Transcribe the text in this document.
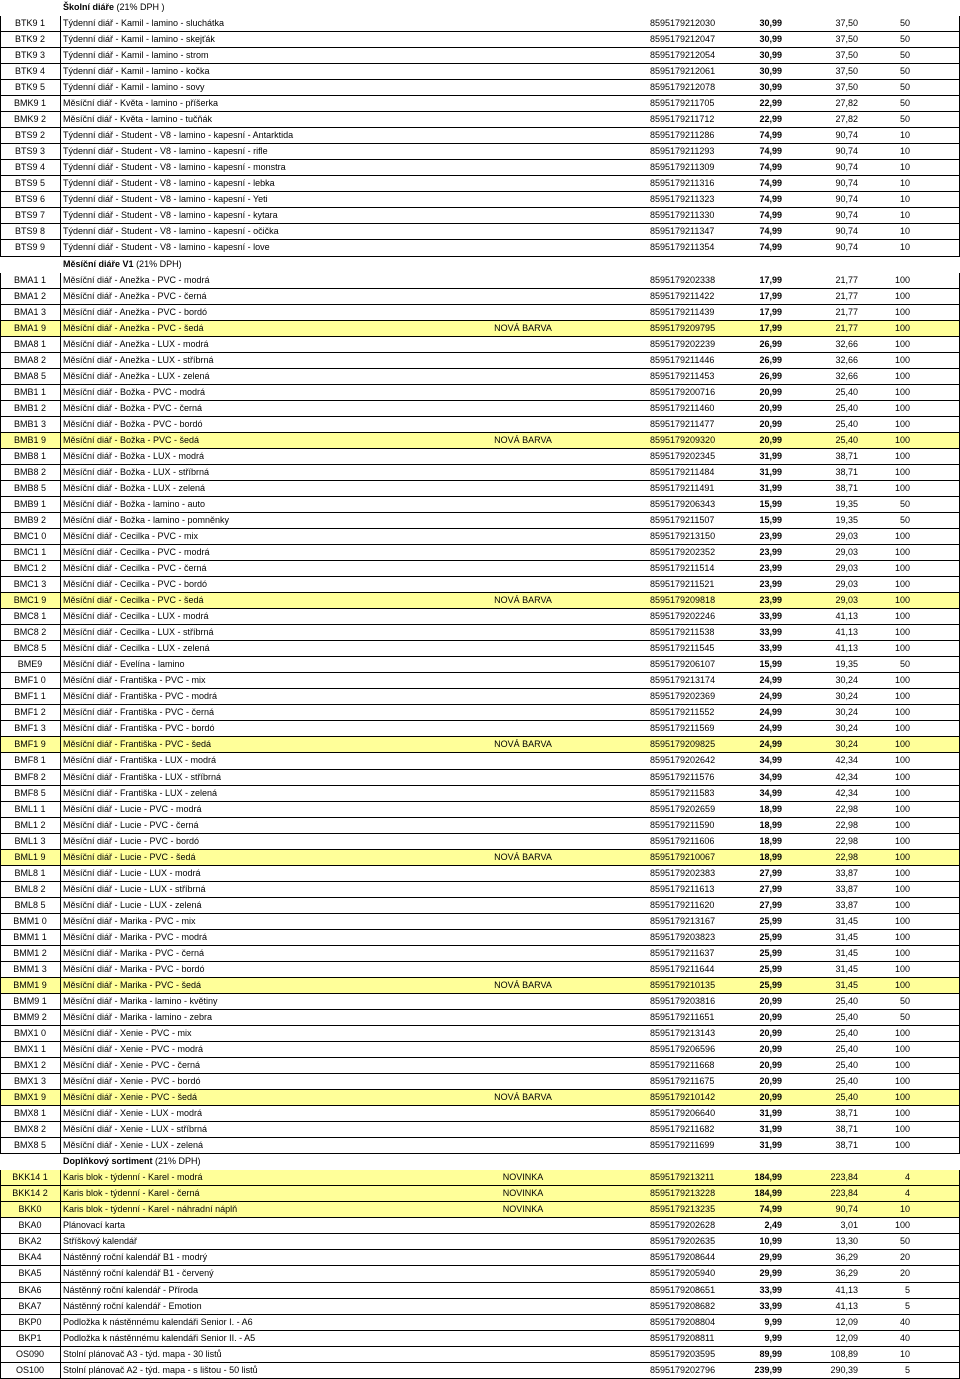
Školní diáře (21% DPH )
BTK9 1	Týdenní diář - Kamil - lamino - sluchátka	8595179212030	30,99	37,50	50
BTK9 2	Týdenní diář - Kamil - lamino - skejťák	8595179212047	30,99	37,50	50
BTK9 3	Týdenní diář - Kamil - lamino - strom	8595179212054	30,99	37,50	50
BTK9 4	Týdenní diář - Kamil - lamino - kočka	8595179212061	30,99	37,50	50
BTK9 5	Týdenní diář - Kamil - lamino - sovy	8595179212078	30,99	37,50	50
BMK9 1	Měsíční diář - Květa - lamino - příšerka	8595179211705	22,99	27,82	50
BMK9 2	Měsíční diář - Květa - lamino - tučňák	8595179211712	22,99	27,82	50
BTS9 2	Týdenní diář - Student - V8 - lamino - kapesní - Antarktida	8595179211286	74,99	90,74	10
BTS9 3	Týdenní diář - Student - V8 - lamino - kapesní - rifle	8595179211293	74,99	90,74	10
BTS9 4	Týdenní diář - Student - V8 - lamino - kapesní - monstra	8595179211309	74,99	90,74	10
BTS9 5	Týdenní diář - Student - V8 - lamino - kapesní - lebka	8595179211316	74,99	90,74	10
BTS9 6	Týdenní diář - Student - V8 - lamino - kapesní - Yeti	8595179211323	74,99	90,74	10
BTS9 7	Týdenní diář - Student - V8 - lamino - kapesní - kytara	8595179211330	74,99	90,74	10
BTS9 8	Týdenní diář - Student - V8 - lamino - kapesní - očička	8595179211347	74,99	90,74	10
BTS9 9	Týdenní diář - Student - V8 - lamino - kapesní - love	8595179211354	74,99	90,74	10
Měsíční diáře V1 (21% DPH)
BMA1 1	Měsíční diář - Anežka - PVC - modrá	8595179202338	17,99	21,77	100
BMA1 2	Měsíční diář - Anežka - PVC - černá	8595179211422	17,99	21,77	100
BMA1 3	Měsíční diář - Anežka - PVC - bordó	8595179211439	17,99	21,77	100
BMA1 9	Měsíční diář - Anežka - PVC - šedá	NOVÁ BARVA	8595179209795	17,99	21,77	100
BMA8 1	Měsíční diář - Anežka - LUX - modrá	8595179202239	26,99	32,66	100
BMA8 2	Měsíční diář - Anežka - LUX - stříbrná	8595179211446	26,99	32,66	100
BMA8 5	Měsíční diář - Anežka - LUX - zelená	8595179211453	26,99	32,66	100
BMB1 1	Měsíční diář - Božka - PVC - modrá	8595179200716	20,99	25,40	100
BMB1 2	Měsíční diář - Božka - PVC - černá	8595179211460	20,99	25,40	100
BMB1 3	Měsíční diář - Božka - PVC - bordó	8595179211477	20,99	25,40	100
BMB1 9	Měsíční diář - Božka - PVC - šedá	NOVÁ BARVA	8595179209320	20,99	25,40	100
BMB8 1	Měsíční diář - Božka - LUX - modrá	8595179202345	31,99	38,71	100
BMB8 2	Měsíční diář - Božka - LUX - stříbrná	8595179211484	31,99	38,71	100
BMB8 5	Měsíční diář - Božka - LUX - zelená	8595179211491	31,99	38,71	100
BMB9 1	Měsíční diář - Božka - lamino - auto	8595179206343	15,99	19,35	50
BMB9 2	Měsíční diář - Božka - lamino - pomněnky	8595179211507	15,99	19,35	50
BMC1 0	Měsíční diář - Cecilka - PVC - mix	8595179213150	23,99	29,03	100
BMC1 1	Měsíční diář - Cecilka - PVC - modrá	8595179202352	23,99	29,03	100
BMC1 2	Měsíční diář - Cecilka - PVC - černá	8595179211514	23,99	29,03	100
BMC1 3	Měsíční diář - Cecilka - PVC - bordó	8595179211521	23,99	29,03	100
BMC1 9	Měsíční diář - Cecilka - PVC - šedá	NOVÁ BARVA	8595179209818	23,99	29,03	100
BMC8 1	Měsíční diář - Cecilka - LUX - modrá	8595179202246	33,99	41,13	100
BMC8 2	Měsíční diář - Cecilka - LUX - stříbrná	8595179211538	33,99	41,13	100
BMC8 5	Měsíční diář - Cecilka - LUX - zelená	8595179211545	33,99	41,13	100
BME9	Měsíční diář - Evelína - lamino	8595179206107	15,99	19,35	50
BMF1 0	Měsíční diář - Františka - PVC - mix	8595179213174	24,99	30,24	100
BMF1 1	Měsíční diář - Františka - PVC - modrá	8595179202369	24,99	30,24	100
BMF1 2	Měsíční diář - Františka - PVC - černá	8595179211552	24,99	30,24	100
BMF1 3	Měsíční diář - Františka - PVC - bordó	8595179211569	24,99	30,24	100
BMF1 9	Měsíční diář - Františka - PVC - šedá	NOVÁ BARVA	8595179209825	24,99	30,24	100
BMF8 1	Měsíční diář - Františka - LUX - modrá	8595179202642	34,99	42,34	100
BMF8 2	Měsíční diář - Františka - LUX - stříbrná	8595179211576	34,99	42,34	100
BMF8 5	Měsíční diář - Františka - LUX - zelená	8595179211583	34,99	42,34	100
BML1 1	Měsíční diář - Lucie - PVC - modrá	8595179202659	18,99	22,98	100
BML1 2	Měsíční diář - Lucie - PVC - černá	8595179211590	18,99	22,98	100
BML1 3	Měsíční diář - Lucie - PVC - bordó	8595179211606	18,99	22,98	100
BML1 9	Měsíční diář - Lucie - PVC - šedá	NOVÁ BARVA	8595179210067	18,99	22,98	100
BML8 1	Měsíční diář - Lucie - LUX - modrá	8595179202383	27,99	33,87	100
BML8 2	Měsíční diář - Lucie - LUX - stříbrná	8595179211613	27,99	33,87	100
BML8 5	Měsíční diář - Lucie - LUX - zelená	8595179211620	27,99	33,87	100
BMM1 0	Měsíční diář - Marika - PVC - mix	8595179213167	25,99	31,45	100
BMM1 1	Měsíční diář - Marika - PVC - modrá	8595179203823	25,99	31,45	100
BMM1 2	Měsíční diář - Marika - PVC - černá	8595179211637	25,99	31,45	100
BMM1 3	Měsíční diář - Marika - PVC - bordó	8595179211644	25,99	31,45	100
BMM1 9	Měsíční diář - Marika - PVC - šedá	NOVÁ BARVA	8595179210135	25,99	31,45	100
BMM9 1	Měsíční diář - Marika - lamino - květiny	8595179203816	20,99	25,40	50
BMM9 2	Měsíční diář - Marika - lamino - zebra	8595179211651	20,99	25,40	50
BMX1 0	Měsíční diář - Xenie - PVC - mix	8595179213143	20,99	25,40	100
BMX1 1	Měsíční diář - Xenie - PVC - modrá	8595179206596	20,99	25,40	100
BMX1 2	Měsíční diář - Xenie - PVC - černá	8595179211668	20,99	25,40	100
BMX1 3	Měsíční diář - Xenie - PVC - bordó	8595179211675	20,99	25,40	100
BMX1 9	Měsíční diář - Xenie - PVC - šedá	NOVÁ BARVA	8595179210142	20,99	25,40	100
BMX8 1	Měsíční diář - Xenie - LUX - modrá	8595179206640	31,99	38,71	100
BMX8 2	Měsíční diář - Xenie - LUX - stříbrná	8595179211682	31,99	38,71	100
BMX8 5	Měsíční diář - Xenie - LUX - zelená	8595179211699	31,99	38,71	100
Doplňkový sortiment (21% DPH)
BKK14 1	Karis blok - týdenní - Karel - modrá	NOVINKA	8595179213211	184,99	223,84	4
BKK14 2	Karis blok - týdenní - Karel - černá	NOVINKA	8595179213228	184,99	223,84	4
BKK0	Karis blok - týdenní - Karel - náhradní náplň	NOVINKA	8595179213235	74,99	90,74	10
BKA0	Plánovací karta	8595179202628	2,49	3,01	100
BKA2	Stříškový kalendář	8595179202635	10,99	13,30	50
BKA4	Nástěnný roční kalendář B1 - modrý	8595179208644	29,99	36,29	20
BKA5	Nástěnný roční kalendář B1 - červený	8595179205940	29,99	36,29	20
BKA6	Nástěnný roční kalendář - Příroda	8595179208651	33,99	41,13	5
BKA7	Nástěnný roční kalendář - Emotion	8595179208682	33,99	41,13	5
BKP0	Podložka k nástěnnému kalendáři Senior I. - A6	8595179208804	9,99	12,09	40
BKP1	Podložka k nástěnnému kalendáři Senior II. - A5	8595179208811	9,99	12,09	40
OS090	Stolní plánovač A3 - týd. mapa - 30 listů	8595179203595	89,99	108,89	10
OS100	Stolní plánovač A2 - týd. mapa - s lištou - 50 listů	8595179202796	239,99	290,39	5
